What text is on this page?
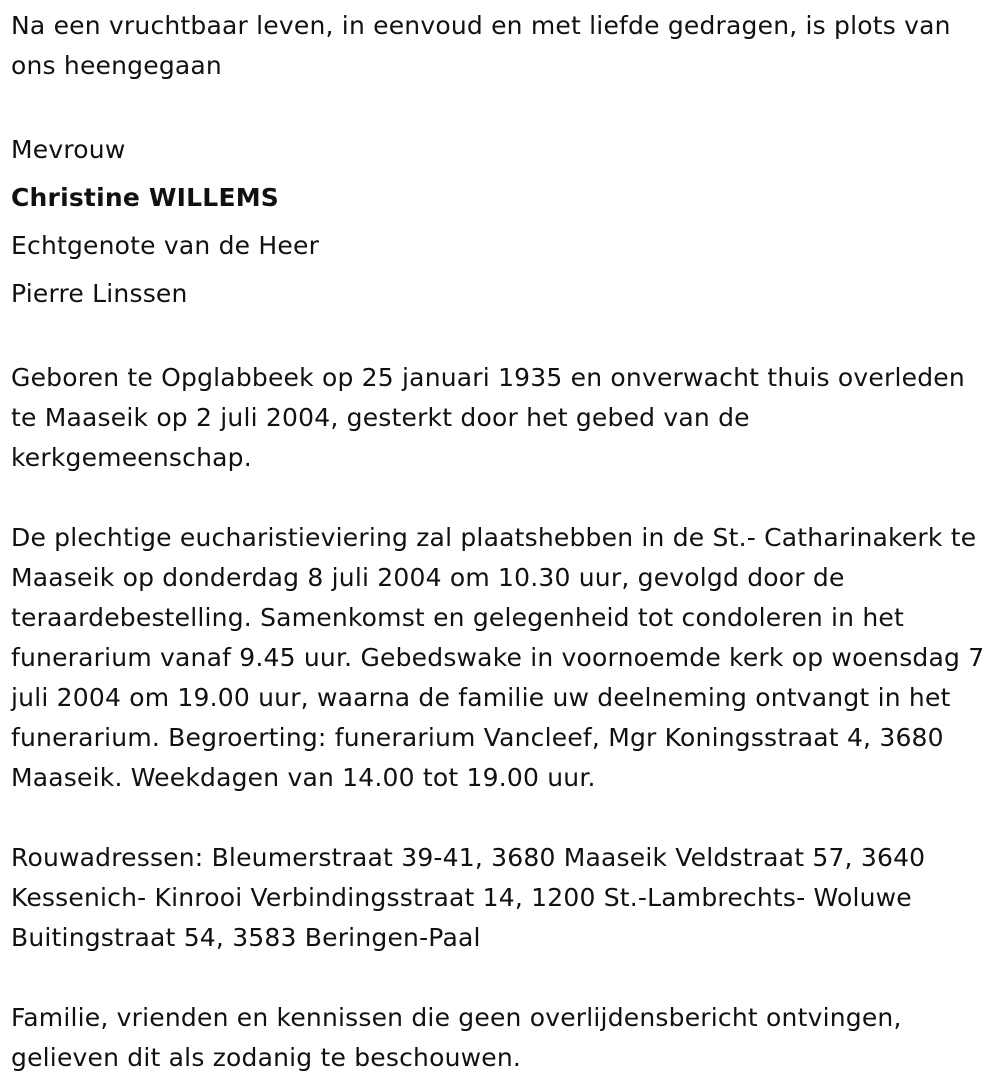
Na een vruchtbaar leven, in eenvoud en met liefde gedragen, is plots van ons heengegaan

Mevrouw

Christine WILLEMS

Echtgenote van de Heer

Pierre Linssen

Geboren te Opglabbeek op 25 januari 1935 en onverwacht thuis overleden te Maaseik op 2 juli 2004, gesterkt door het gebed van de kerkgemeenschap.

De plechtige eucharistieviering zal plaatshebben in de St.- Catharinakerk te Maaseik op donderdag 8 juli 2004 om 10.30 uur, gevolgd door de teraardebestelling. Samenkomst en gelegenheid tot condoleren in het funerarium vanaf 9.45 uur. Gebedswake in voornoemde kerk op woensdag 7 juli 2004 om 19.00 uur, waarna de familie uw deelneming ontvangt in het funerarium. Begroerting: funerarium Vancleef, Mgr Koningsstraat 4, 3680 Maaseik. Weekdagen van 14.00 tot 19.00 uur.

Rouwadressen: Bleumerstraat 39-41, 3680 Maaseik Veldstraat 57, 3640 Kessenich- Kinrooi Verbindingsstraat 14, 1200 St.-Lambrechts- Woluwe Buitingstraat 54, 3583 Beringen-Paal

Familie, vrienden en kennissen die geen overlijdensbericht ontvingen, gelieven dit als zodanig te beschouwen.
